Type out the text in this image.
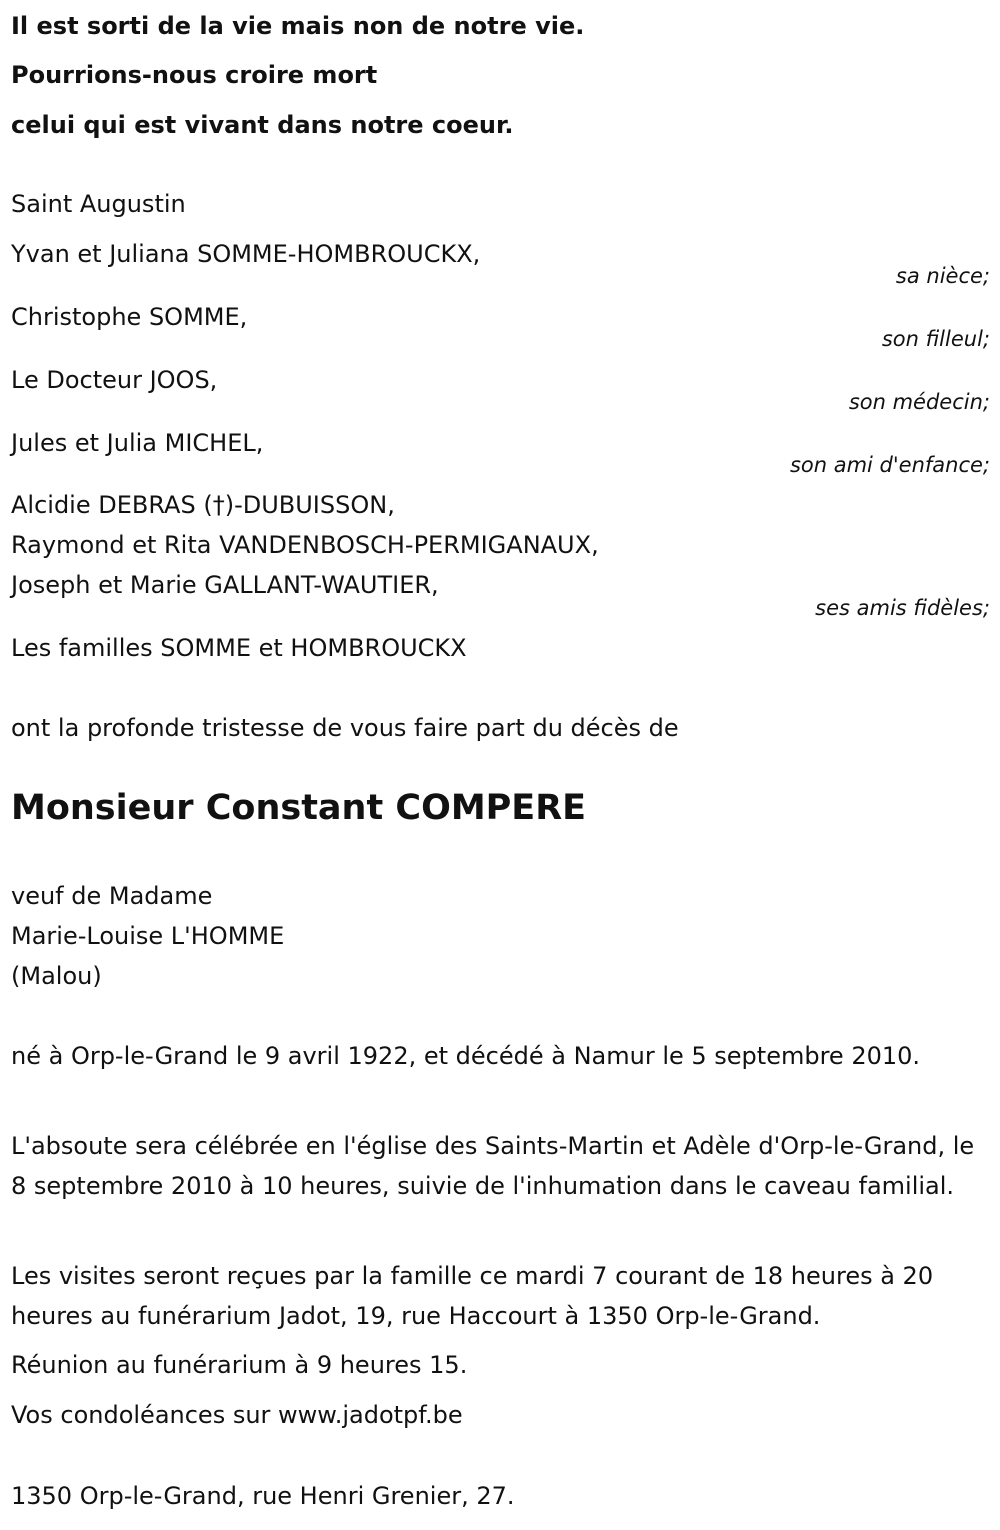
Il est sorti de la vie mais non de notre vie.
Pourrions-nous croire mort
celui qui est vivant dans notre coeur.
Saint Augustin
Yvan et Juliana SOMME-HOMBROUCKX,
sa nièce;
Christophe SOMME,
son filleul;
Le Docteur JOOS,
son médecin;
Jules et Julia MICHEL,
son ami d'enfance;
Alcidie DEBRAS (†)-DUBUISSON,
Raymond et Rita VANDENBOSCH-PERMIGANAUX,
Joseph et Marie GALLANT-WAUTIER,
ses amis fidèles;
Les familles SOMME et HOMBROUCKX
ont la profonde tristesse de vous faire part du décès de
Monsieur Constant COMPERE
veuf de Madame
Marie-Louise L'HOMME
(Malou)
né à Orp-le-Grand le 9 avril 1922, et décédé à Namur le 5 septembre 2010.
L'absoute sera célébrée en l'église des Saints-Martin et Adèle d'Orp-le-Grand, le 8 septembre 2010 à 10 heures, suivie de l'inhumation dans le caveau familial.
Les visites seront reçues par la famille ce mardi 7 courant de 18 heures à 20 heures au funérarium Jadot, 19, rue Haccourt à 1350 Orp-le-Grand.
Réunion au funérarium à 9 heures 15.
Vos condoléances sur www.jadotpf.be
1350 Orp-le-Grand, rue Henri Grenier, 27.
